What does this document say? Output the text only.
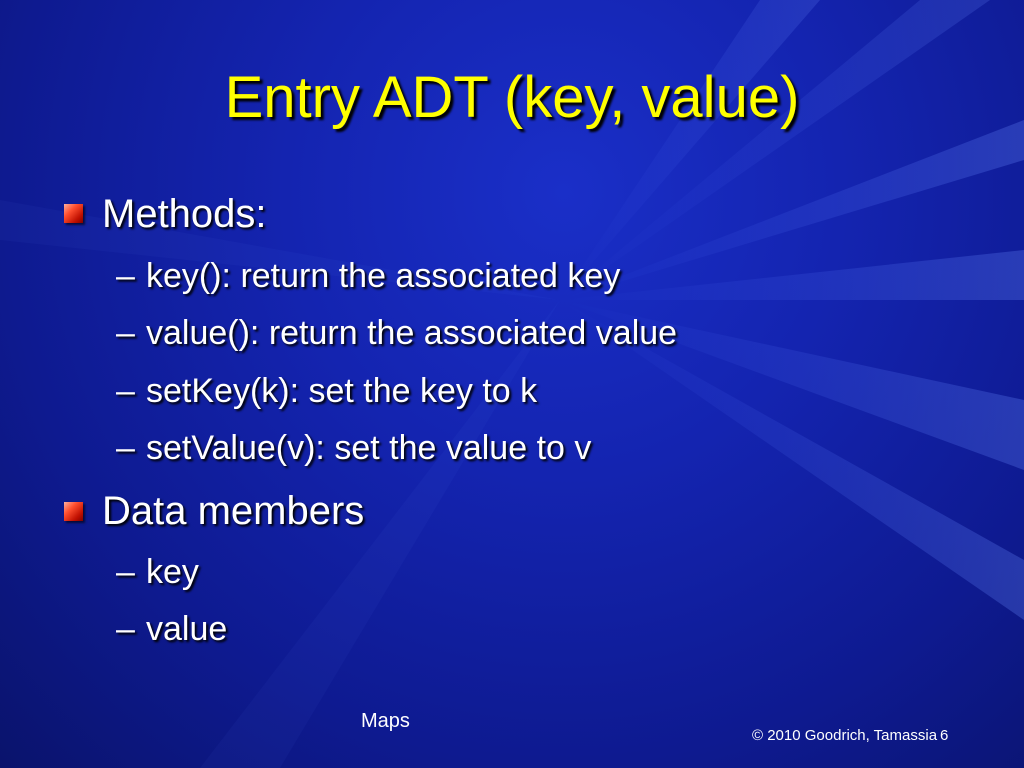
Entry ADT (key, value)
Methods:
– key(): return the associated key
– value(): return the associated value
– setKey(k): set the key to k
– setValue(v): set the value to v
Data members
– key
– value
Maps
© 2010 Goodrich, Tamassia 6
